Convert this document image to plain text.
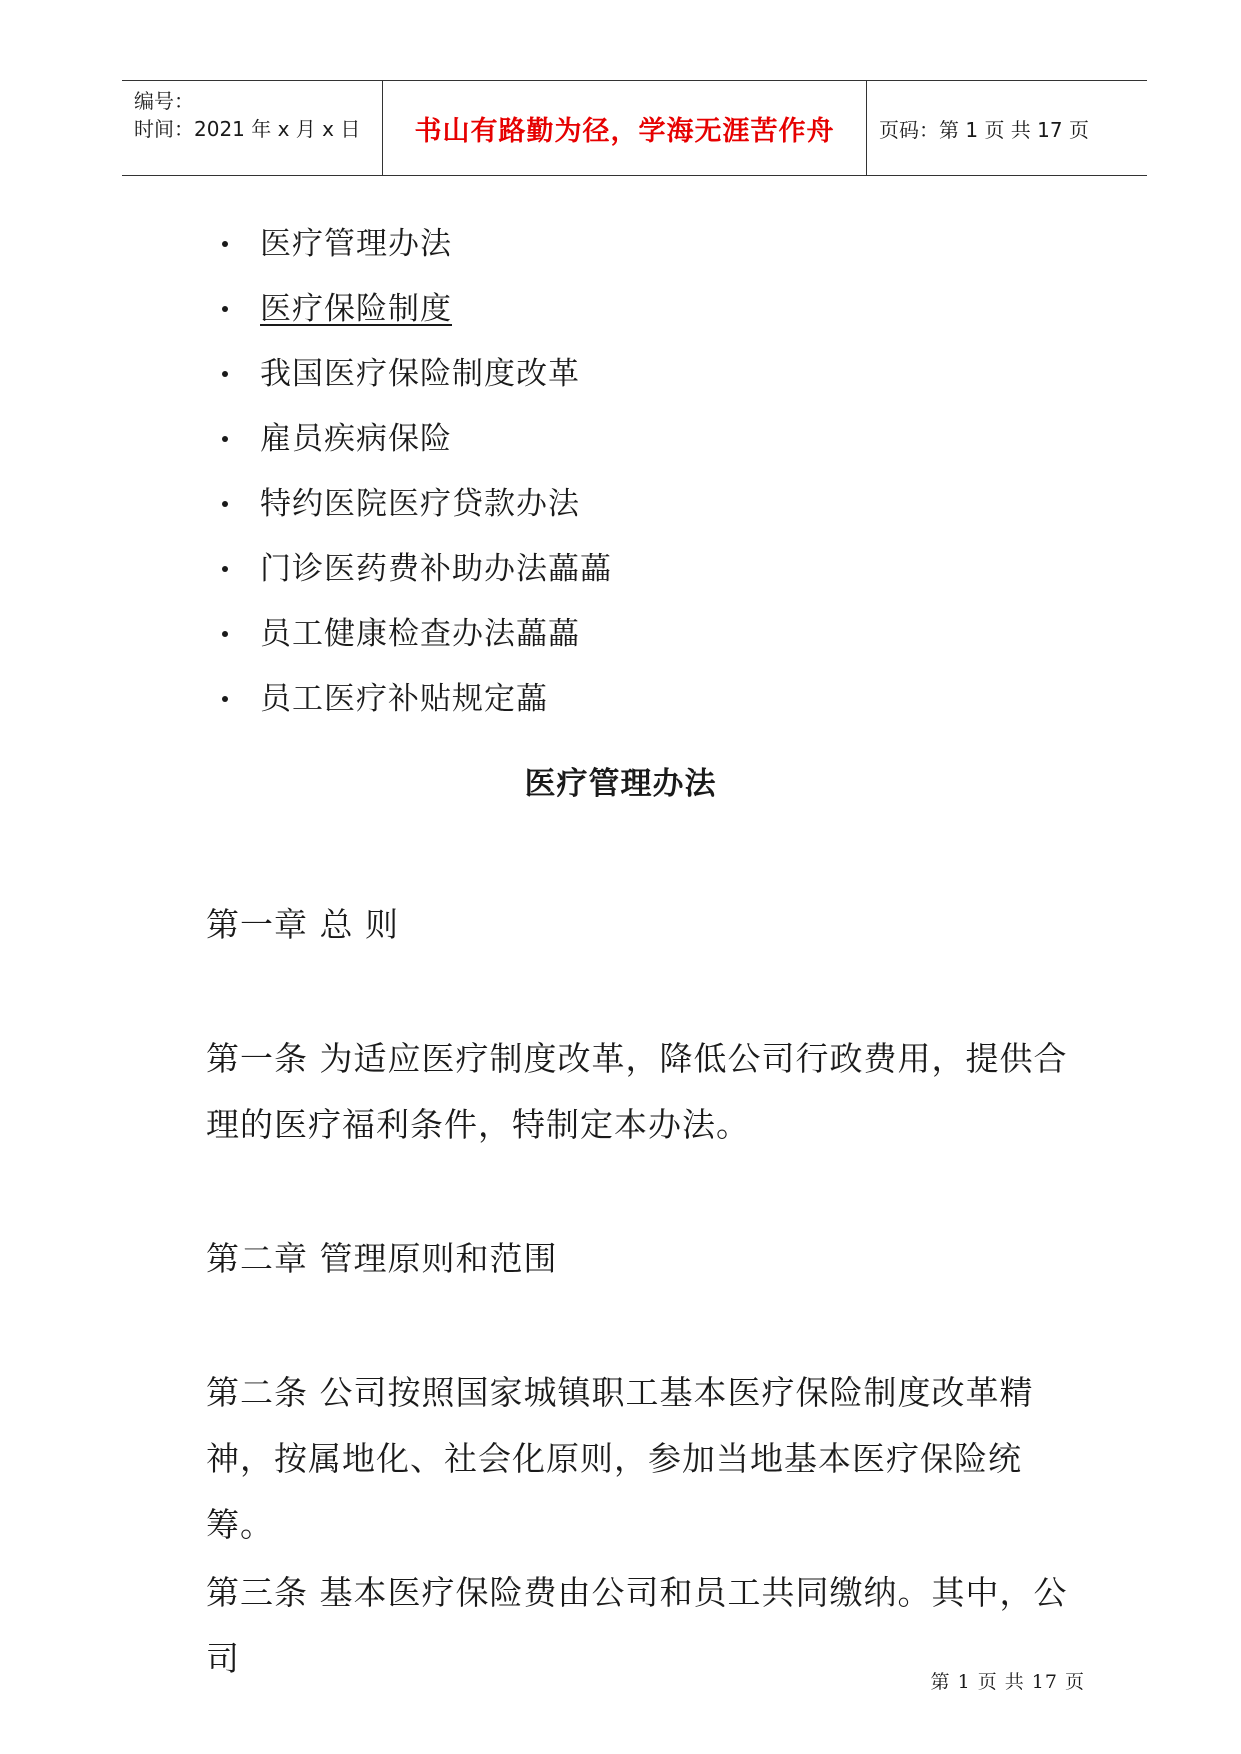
编号：
时间：2021 年 x 月 x 日 书山有路勤为径，学海无涯苦作舟 页码：第 1 页 共 17 页
医疗管理办法
医疗保险制度
我国医疗保险制度改革
雇员疾病保险
特约医院医疗贷款办法
门诊医药费补助办法藟藟
员工健康检查办法藟藟
员工医疗补贴规定藟
医疗管理办法

第一章 总 则

第一条 为适应医疗制度改革，降低公司行政费用，提供合理的医疗福利条件，特制定本办法。

第二章 管理原则和范围

第二条 公司按照国家城镇职工基本医疗保险制度改革精神，按属地化、社会化原则，参加当地基本医疗保险统筹。

第三条 基本医疗保险费由公司和员工共同缴纳。其中，公司

第 1 页 共 17 页
